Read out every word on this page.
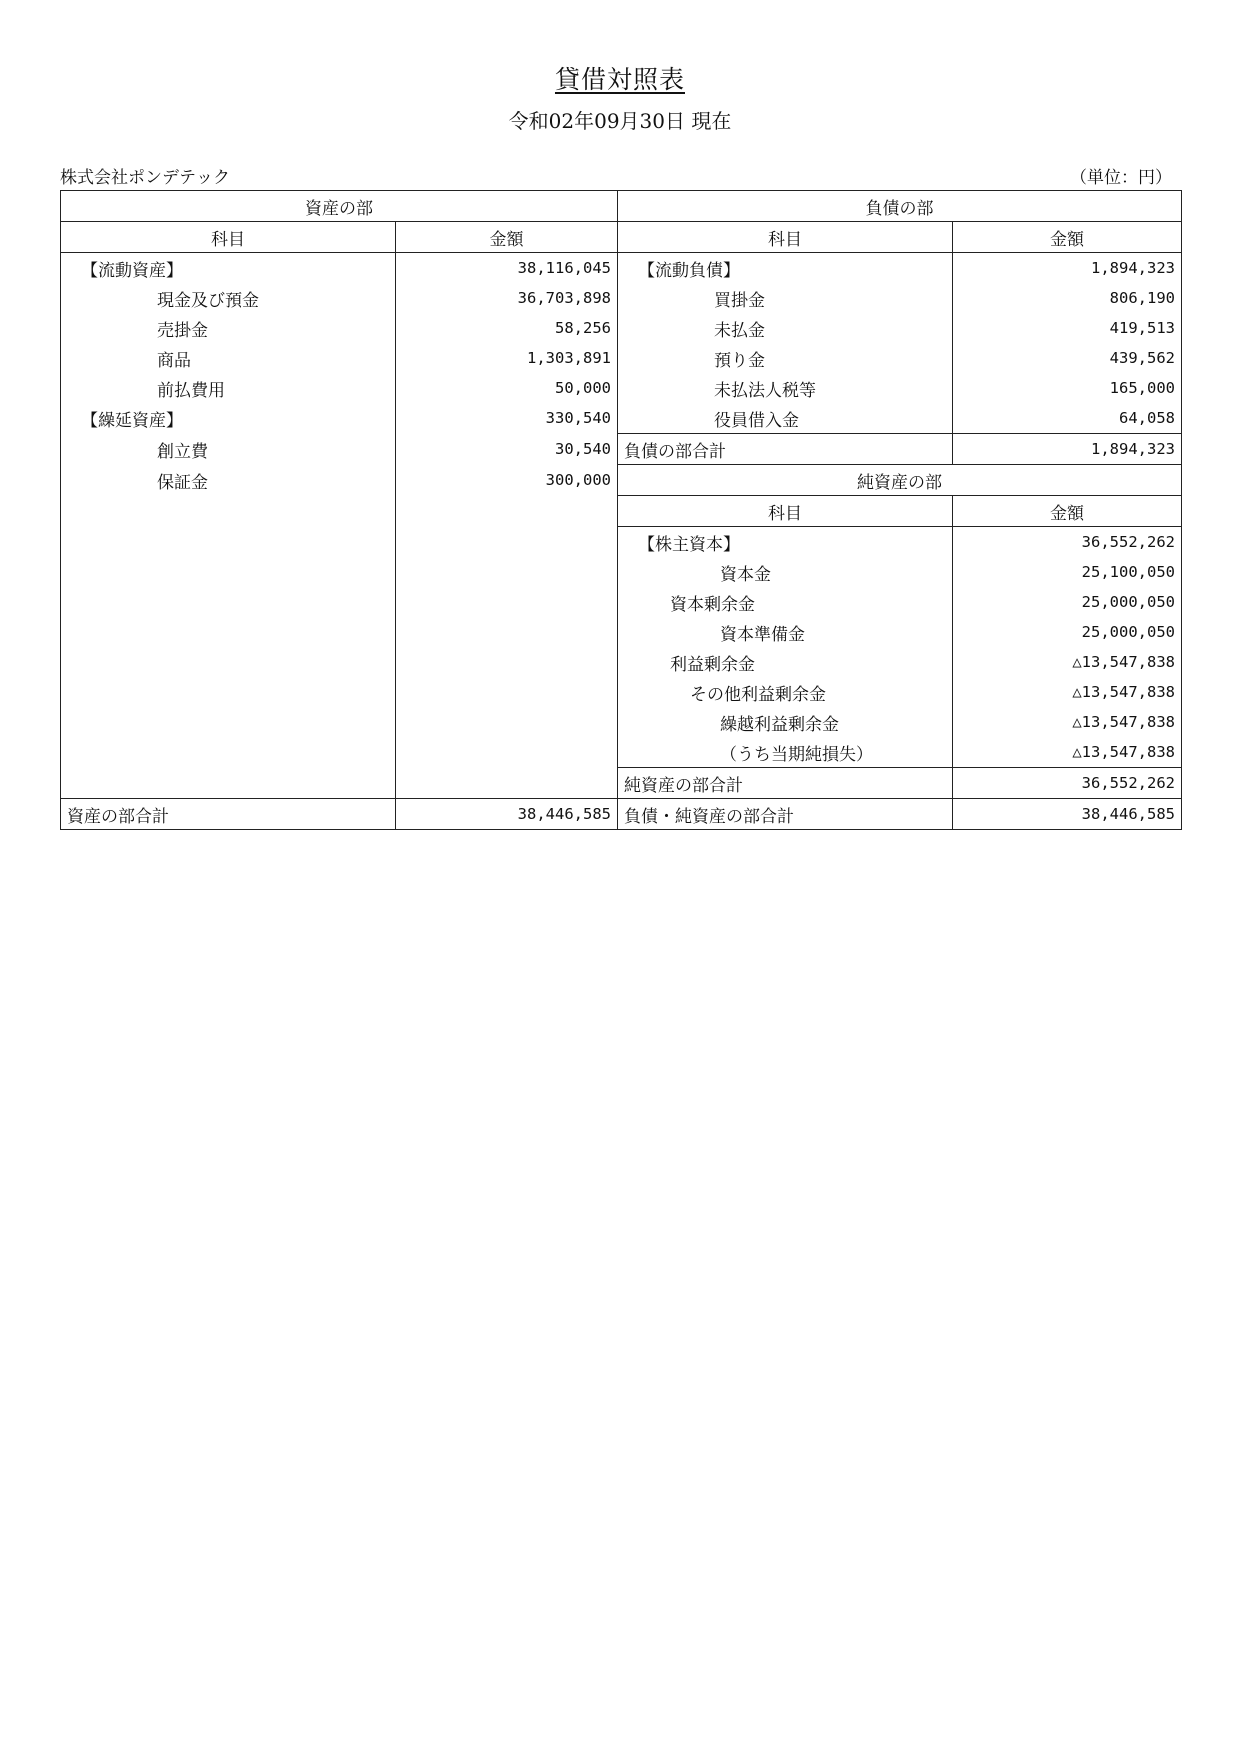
貸借対照表
令和02年09月30日 現在
株式会社ポンデテック	（単位：円）
資産の部		負債の部	
科目	金額	科目	金額
【流動資産】	38,116,045	【流動負債】	1,894,323
現金及び預金	36,703,898	買掛金	806,190
売掛金	58,256	未払金	419,513
商品	1,303,891	預り金	439,562
前払費用	50,000	未払法人税等	165,000
【繰延資産】	330,540	役員借入金	64,058
創立費	30,540	負債の部合計	1,894,323
保証金	300,000	純資産の部	
		科目	金額
		【株主資本】	36,552,262
		資本金	25,100,050
		資本剰余金	25,000,050
		資本準備金	25,000,050
		利益剰余金	△13,547,838
		その他利益剰余金	△13,547,838
		繰越利益剰余金	△13,547,838
		（うち当期純損失）	△13,547,838
		純資産の部合計	36,552,262
資産の部合計	38,446,585	負債・純資産の部合計	38,446,585
